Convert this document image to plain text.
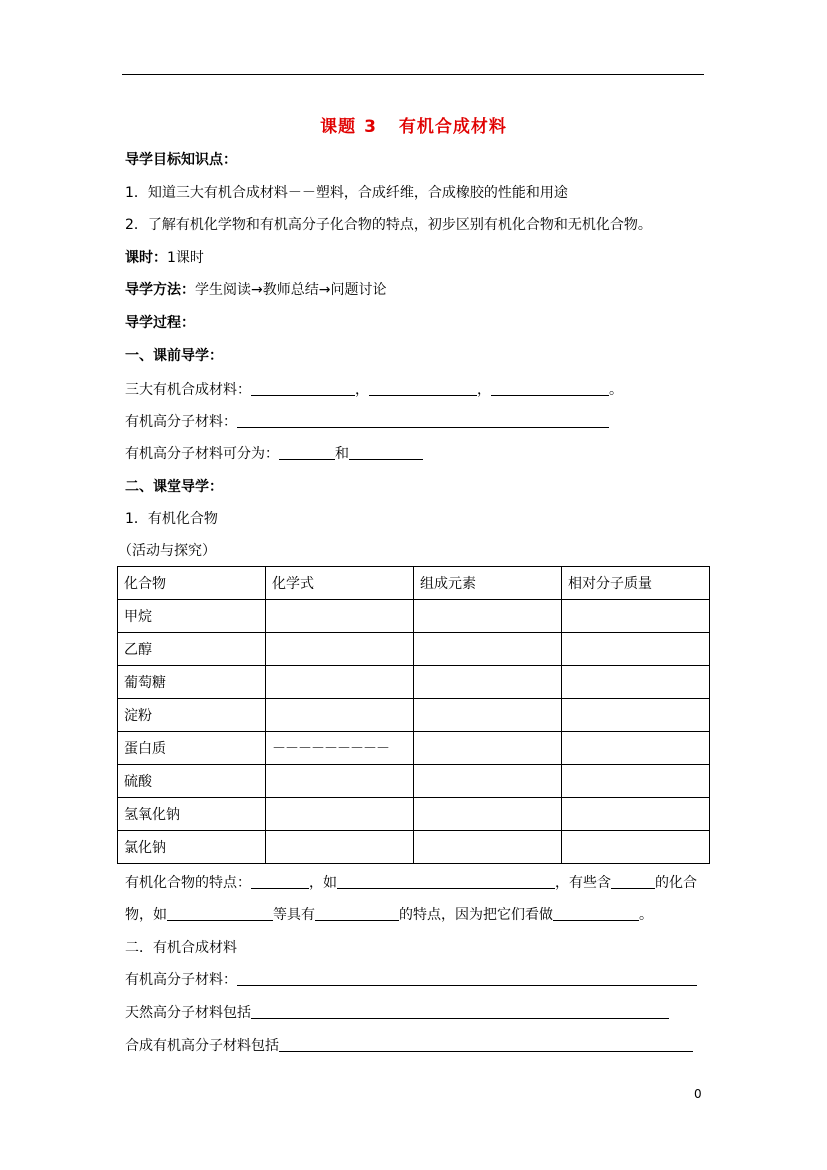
课题 3 有机合成材料
导学目标知识点：
1．知道三大有机合成材料－－塑料，合成纤维，合成橡胶的性能和用途
2．了解有机化学物和有机高分子化合物的特点，初步区别有机化合物和无机化合物。
课时：1课时
导学方法：学生阅读→教师总结→问题讨论
导学过程：
一、课前导学：
三大有机合成材料：	，	，	。
有机高分子材料：
有机高分子材料可分为：	和
二、课堂导学：
1．有机化合物
（活动与探究）
化合物	化学式	组成元素	相对分子质量
甲烷			
乙醇			
葡萄糖			
淀粉			
蛋白质	－－－－－－－－－		
硫酸			
氢氧化钠			
氯化钠			
有机化合物的特点：	，如	，有些含	的化合
物，如	等具有	的特点，因为把它们看做	。
二．有机合成材料
有机高分子材料：
天然高分子材料包括
合成有机高分子材料包括
0
